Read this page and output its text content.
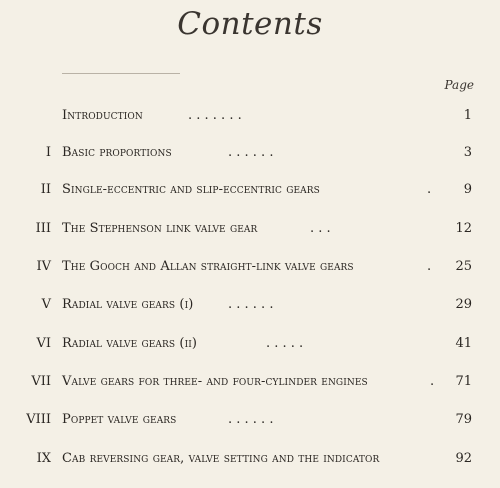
Contents
Page
Introduction	. . . . . . .	1
I Basic proportions	. . . . . .	3
II Single-eccentric and slip-eccentric gears	.	9
III The Stephenson link valve gear	. . .	12
IV The Gooch and Allan straight-link valve gears	. 25
V Radial valve gears (i)	. . . . . .	29
VI Radial valve gears (ii)	. . . . .	41
VII Valve gears for three- and four-cylinder engines	. 71
VIII Poppet valve gears	. . . . . .	79
IX Cab reversing gear, valve setting and the indicator	92
